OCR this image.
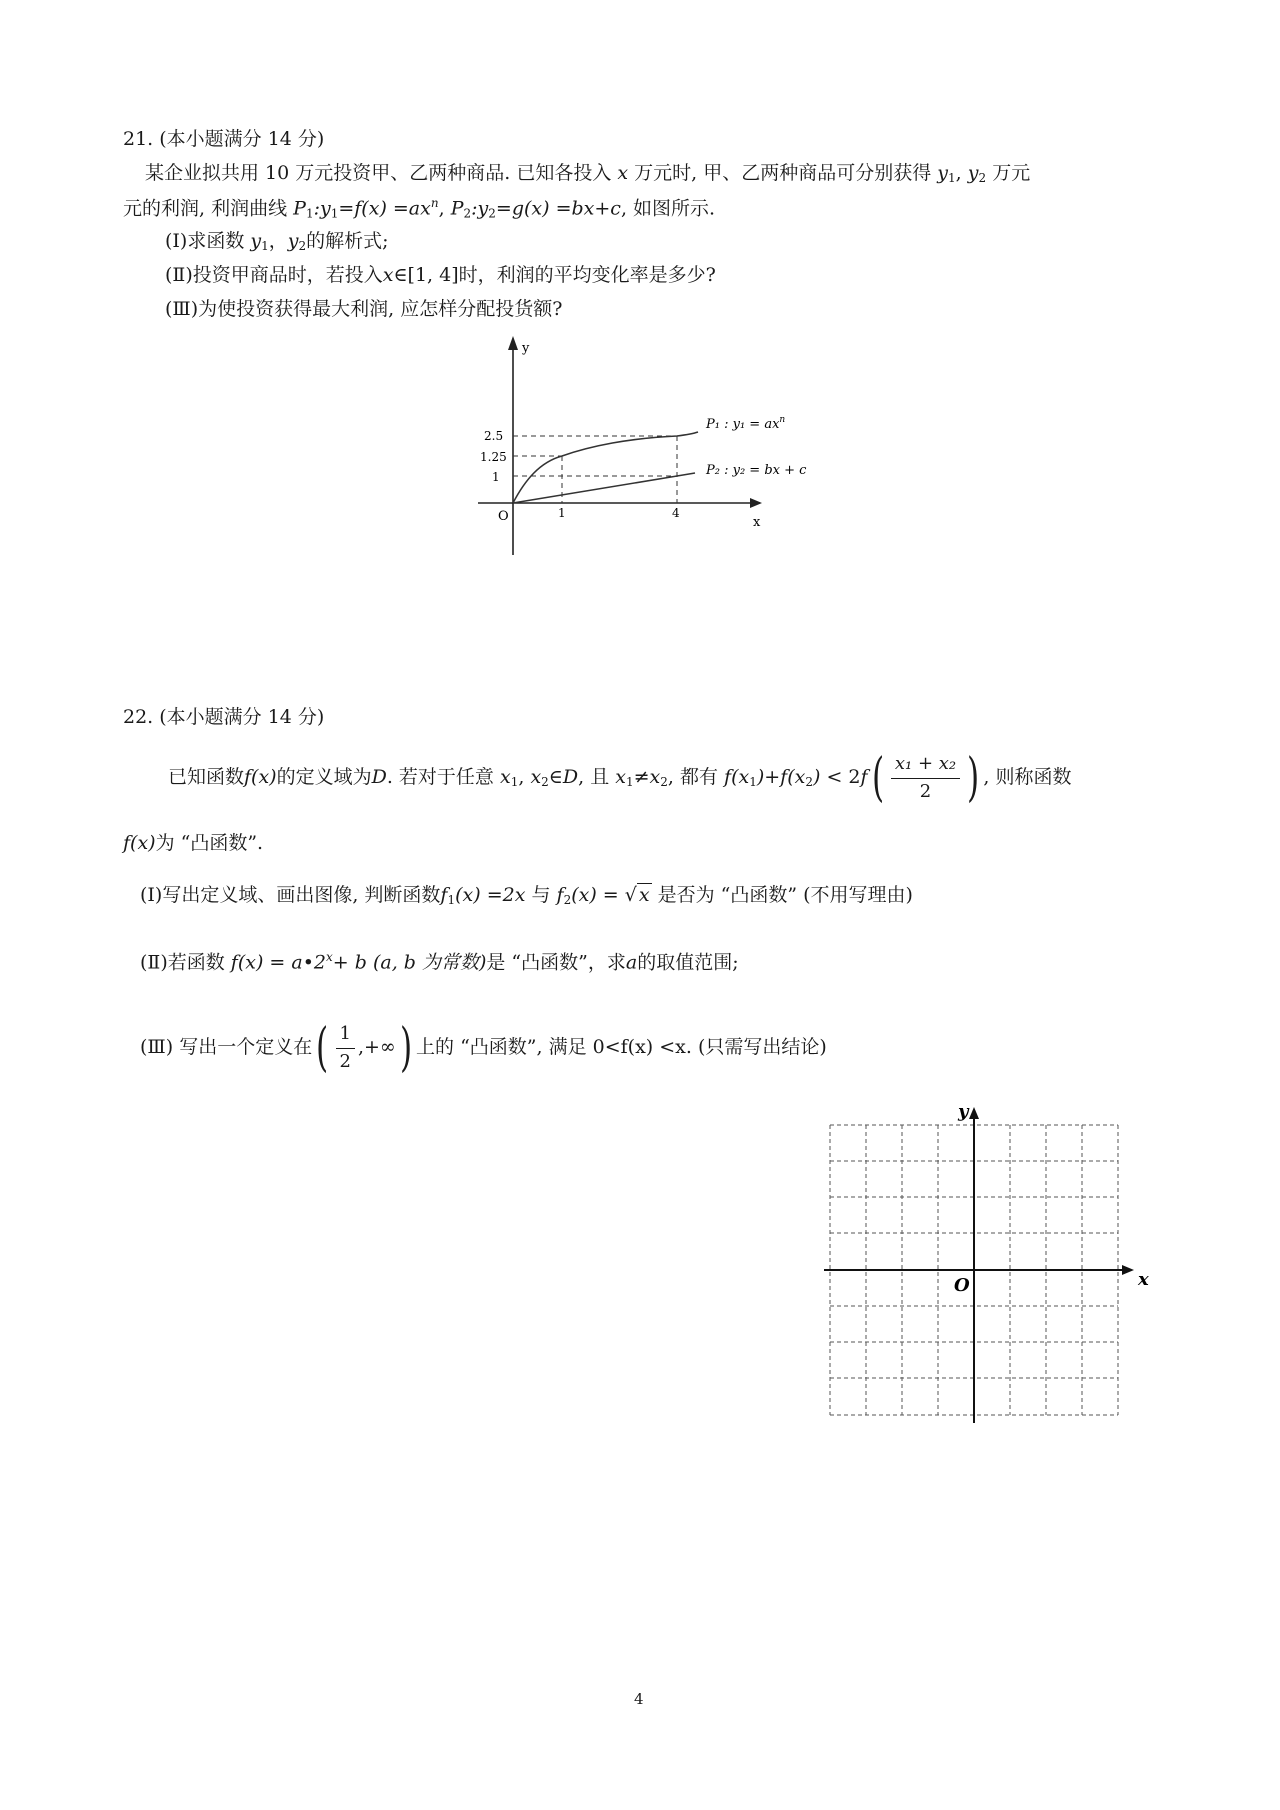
21. (本小题满分 14 分)
某企业拟共用 10 万元投资甲、乙两种商品. 已知各投入 x 万元时, 甲、乙两种商品可分别获得 $y_1$, $y_2$ 万元
元的利润, 利润曲线 $P_1:y_1=f(x) =ax^n$, $P_2:y_2=g(x) =bx+c$, 如图所示.
(Ⅰ)求函数 $y_1$，$y_2$的解析式;
(Ⅱ)投资甲商品时，若投入x∈[1, 4]时，利润的平均变化率是多少?
(Ⅲ)为使投资获得最大利润, 应怎样分配投货额?
y
x
O
2.5
1.25
1
1	4
P₁ : $y_1 = ax^n$
P₂ : y₂ = bx + c
22. (本小题满分 14 分)
已知函数f(x)的定义域为D. 若对于任意 $x_1$, $x_2\in D$, 且 $x_1\ne x_2$, 都有 $f(x_1)+f(x_2) < 2f( \frac{\text{x₁ + x₂}}{2}$ ) , 则称函数
f(x)为 “凸函数”.
(Ⅰ)写出定义域、画出图像, 判断函数$f_1(x) =2x$ 与 $f_2(x)$ = √ x 是否为 “凸函数” (不用写理由)
(Ⅱ)若函数 $f(x) = a•2^x+ b$ (a, b 为常数)是 “凸函数”，求a的取值范围;
(Ⅲ) 写出一个定义在( $\frac{1}{2}$ ,+∞) 上的 “凸函数”, 满足 0<f(x) <x. (只需写出结论)
y
x
O
4
